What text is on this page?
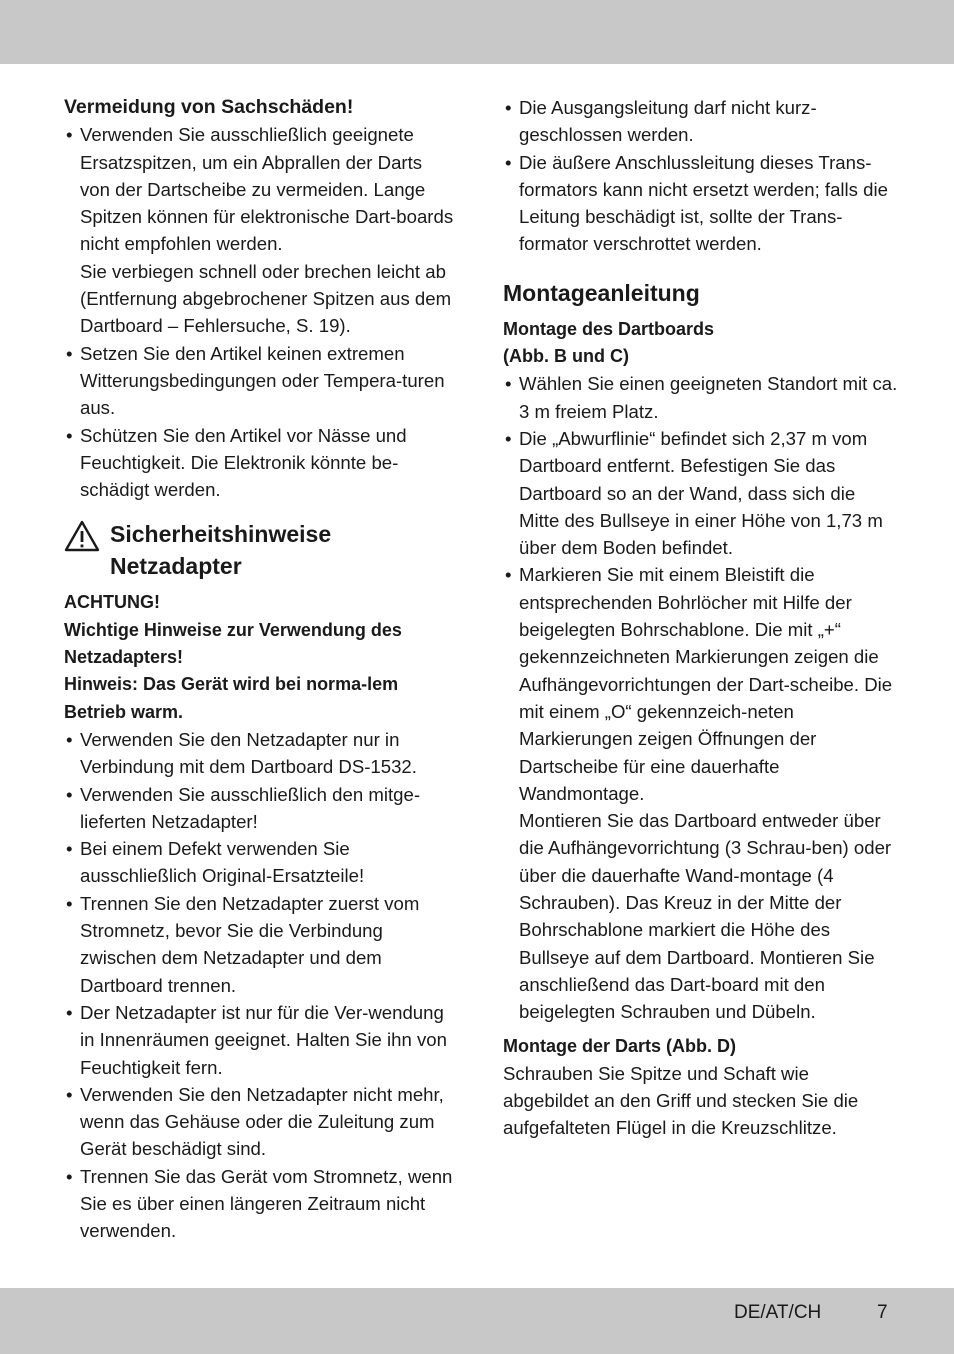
Vermeidung von Sachschäden!
• Verwenden Sie ausschließlich geeignete Ersatzspitzen, um ein Abprallen der Darts von der Dartscheibe zu vermeiden. Lange Spitzen können für elektronische Dart-boards nicht empfohlen werden.
Sie verbiegen schnell oder brechen leicht ab (Entfernung abgebrochener Spitzen aus dem Dartboard – Fehlersuche, S. 19).
• Setzen Sie den Artikel keinen extremen Witterungsbedingungen oder Tempera-turen aus.
• Schützen Sie den Artikel vor Nässe und Feuchtigkeit. Die Elektronik könnte be-schädigt werden.
Sicherheitshinweise
Netzadapter

ACHTUNG!

Wichtige Hinweise zur Verwendung des Netzadapters!

Hinweis: Das Gerät wird bei norma-lem Betrieb warm.

• Verwenden Sie den Netzadapter nur in Verbindung mit dem Dartboard DS-1532.
• Verwenden Sie ausschließlich den mitge-lieferten Netzadapter!
• Bei einem Defekt verwenden Sie ausschließlich Original-Ersatzteile!
• Trennen Sie den Netzadapter zuerst vom Stromnetz, bevor Sie die Verbindung zwischen dem Netzadapter und dem Dartboard trennen.
• Der Netzadapter ist nur für die Ver-wendung in Innenräumen geeignet. Halten Sie ihn von Feuchtigkeit fern.
• Verwenden Sie den Netzadapter nicht mehr, wenn das Gehäuse oder die Zuleitung zum Gerät beschädigt sind.
• Trennen Sie das Gerät vom Stromnetz, wenn Sie es über einen längeren Zeitraum nicht verwenden.
• Die Ausgangsleitung darf nicht kurz-geschlossen werden.
• Die äußere Anschlussleitung dieses Trans-formators kann nicht ersetzt werden; falls die Leitung beschädigt ist, sollte der Trans-formator verschrottet werden.
Montageanleitung
Montage des Dartboards
(Abb. B und C)
• Wählen Sie einen geeigneten Standort mit ca. 3 m freiem Platz.
• Die „Abwurflinie“ befindet sich 2,37 m vom Dartboard entfernt. Befestigen Sie das Dartboard so an der Wand, dass sich die Mitte des Bullseye in einer Höhe von 1,73 m über dem Boden befindet.
• Markieren Sie mit einem Bleistift die entsprechenden Bohrlöcher mit Hilfe der beigelegten Bohrschablone. Die mit „+“ gekennzeichneten Markierungen zeigen die Aufhängevorrichtungen der Dart-scheibe. Die mit einem „O“ gekennzeich-neten Markierungen zeigen Öffnungen der Dartscheibe für eine dauerhafte Wandmontage.
Montieren Sie das Dartboard entweder über die Aufhängevorrichtung (3 Schrau-ben) oder über die dauerhafte Wand-montage (4 Schrauben). Das Kreuz in der Mitte der Bohrschablone markiert die Höhe des Bullseye auf dem Dartboard. Montieren Sie anschließend das Dart-board mit den beigelegten Schrauben und Dübeln.
Montage der Darts (Abb. D)

Schrauben Sie Spitze und Schaft wie abgebildet an den Griff und stecken Sie die aufgefalteten Flügel in die Kreuzschlitze.

DE/AT/CH	7
